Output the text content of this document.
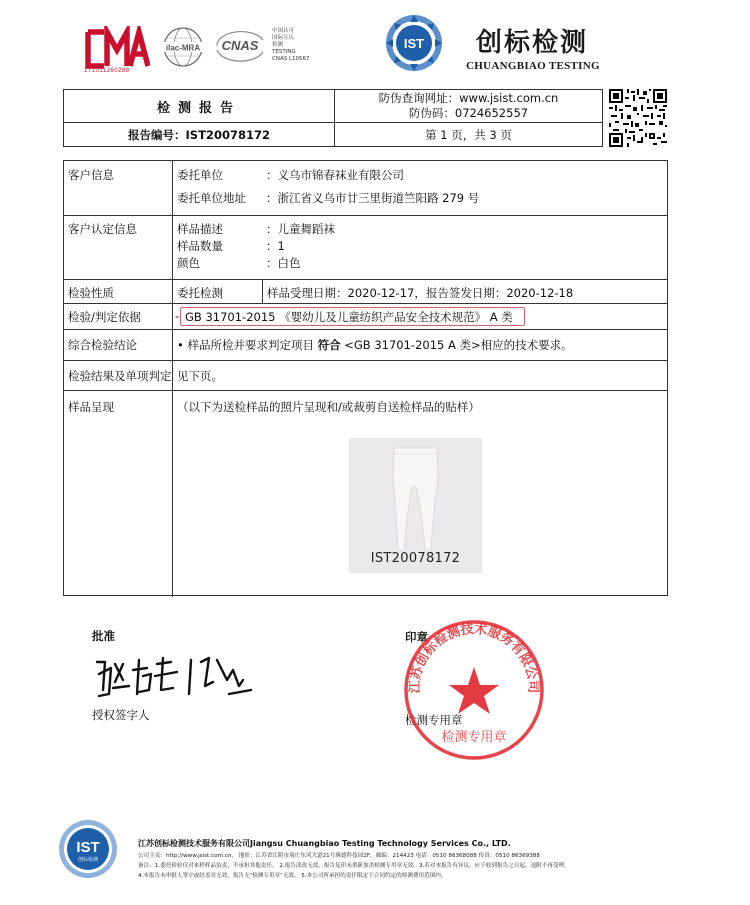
171011260288
ilac-MRA CNAS
中国认可
国际互认
检测
TESTING
CNAS L10567
IST 创标检测
CHUANGBIAO TESTING
检测报告
防伪查询网址：www.jsist.com.cn
防伪码：0724652557
报告编号：IST20078172	第 1 页，共 3 页
客户信息	委托单位	：义乌市锦春袜业有限公司
委托单位地址 ：浙江省义乌市廿三里街道竺阳路 279 号
客户认定信息	样品描述	：儿童舞蹈袜
样品数量	：1
颜色	：白色
检验性质	委托检测	样品受理日期：2020-12-17，报告签发日期：2020-12-18
检验/判定依据	- GB 31701-2015 《婴幼儿及儿童纺织产品安全技术规范》 A 类
综合检验结论	• 样品所检并要求判定项目 符合 <GB 31701-2015 A 类>相应的技术要求。
检验结果及单项判定 见下页。
样品呈现	（以下为送检样品的照片呈现和/或裁剪自送检样品的贴样）
IST20078172
批准
授权签字人
印章
检测专用章
江苏创标检测技术服务有限公司
检测专用章
IST
创标检测
江苏创标检测技术服务有限公司Jiangsu Chuangbiao Testing Technology Services Co., LTD.
公司主页：http://www.jsist.com.cn， 地址：江苏省江阴市周庄东风大道21号珠德科技园2F，邮编：214423 电话：0510 86368088 传真：0510 86369388
备注：1.委托检验仅对来样样品负责，不承担其他责任。 2.报告涂改无效，报告复印未重新加盖检测专用章无效。3.若对本报告有异议，应于收到报告之日起，退附不再受理。
4.本报告未审批人签字或经盖章无效，报告无"检测专用章"无效。 5.本公司所承担的责任限定于合同约定的检测费用范围内。
